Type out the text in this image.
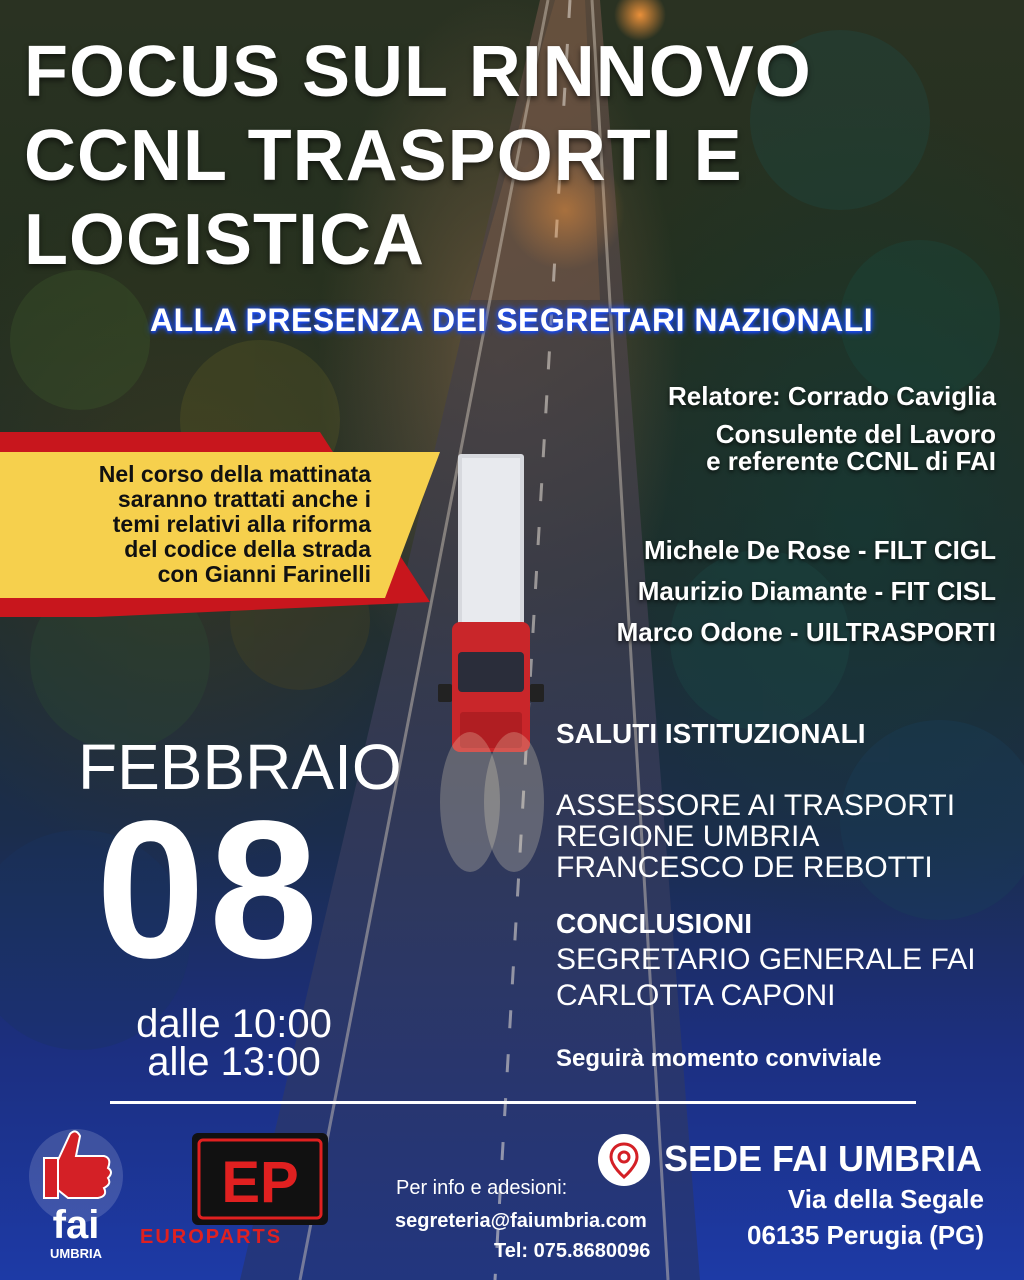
FOCUS SUL RINNOVO
CCNL TRASPORTI E
LOGISTICA
ALLA PRESENZA DEI SEGRETARI NAZIONALI
Relatore: Corrado Caviglia
Consulente del Lavoro
e referente CCNL di FAI
Nel corso della mattinata
saranno trattati anche i
temi relativi alla riforma
del codice della strada
con Gianni Farinelli
Michele De Rose - FILT CIGL
Maurizio Diamante - FIT CISL
Marco Odone - UILTRASPORTI
FEBBRAIO
08
dalle 10:00
alle 13:00
SALUTI ISTITUZIONALI
ASSESSORE AI TRASPORTI
REGIONE UMBRIA
FRANCESCO DE REBOTTI
CONCLUSIONI
SEGRETARIO GENERALE FAI
CARLOTTA CAPONI
Seguirà momento conviviale
fai
UMBRIA
EP
EUROPARTS
Per info e adesioni:
segreteria@faiumbria.com
Tel: 075.8680096
SEDE FAI UMBRIA
Via della Segale
06135 Perugia (PG)
